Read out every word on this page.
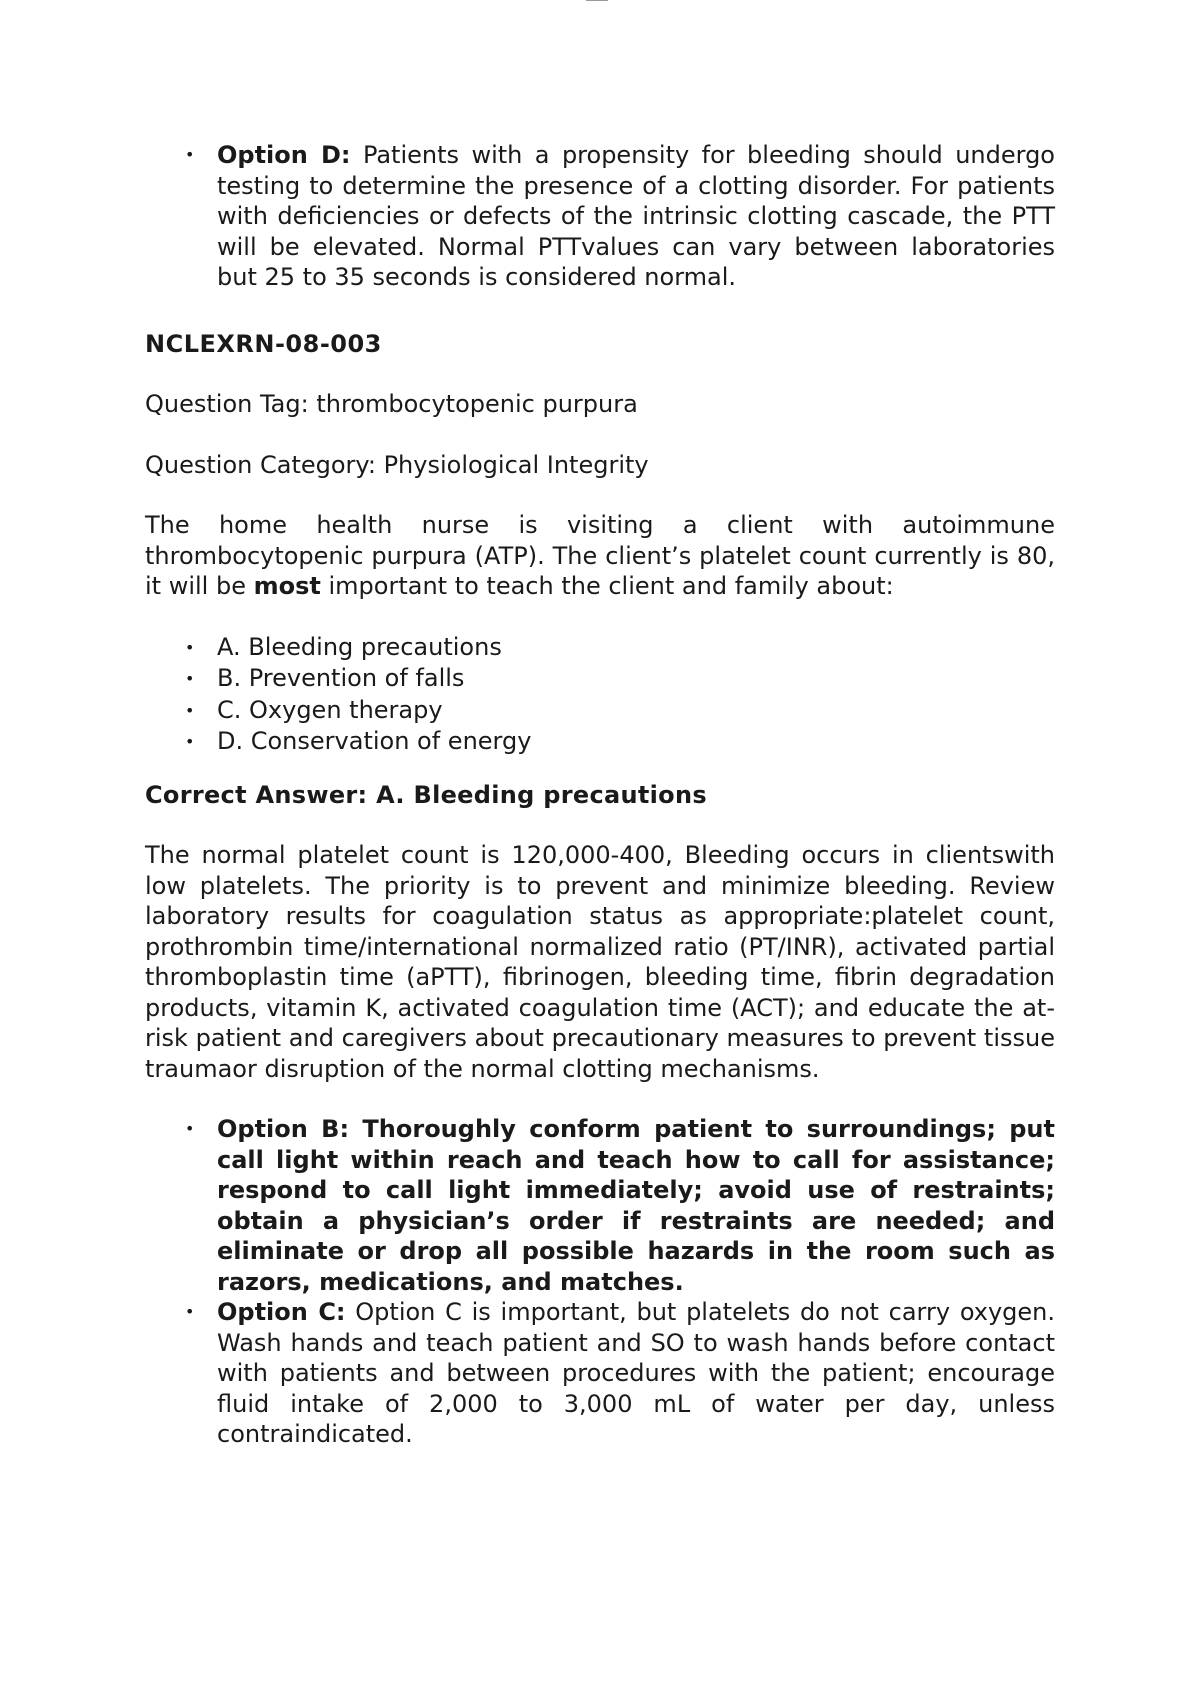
• Option D: Patients with a propensity for bleeding should undergo testing to determine the presence of a clotting disorder. For patients with deficiencies or defects of the intrinsic clotting cascade, the PTT will be elevated. Normal PTTvalues can vary between laboratories but 25 to 35 seconds is considered normal.

NCLEXRN-08-003

Question Tag: thrombocytopenic purpura

Question Category: Physiological Integrity

The home health nurse is visiting a client with autoimmune thrombocytopenic purpura (ATP). The client’s platelet count currently is 80, it will be most important to teach the client and family about:

• A. Bleeding precautions
• B. Prevention of falls
• C. Oxygen therapy
• D. Conservation of energy

Correct Answer: A. Bleeding precautions

The normal platelet count is 120,000-400, Bleeding occurs in clientswith low platelets. The priority is to prevent and minimize bleeding. Review laboratory results for coagulation status as appropriate:platelet count, prothrombin time/international normalized ratio (PT/INR), activated partial thromboplastin time (aPTT), fibrinogen, bleeding time, fibrin degradation products, vitamin K, activated coagulation time (ACT); and educate the at-risk patient and caregivers about precautionary measures to prevent tissue traumaor disruption of the normal clotting mechanisms.

• Option B: Thoroughly conform patient to surroundings; put call light within reach and teach how to call for assistance; respond to call light immediately; avoid use of restraints; obtain a physician’s order if restraints are needed; and eliminate or drop all possible hazards in the room such as razors, medications, and matches.
• Option C: Option C is important, but platelets do not carry oxygen. Wash hands and teach patient and SO to wash hands before contact with patients and between procedures with the patient; encourage fluid intake of 2,000 to 3,000 mL of water per day, unless contraindicated.
